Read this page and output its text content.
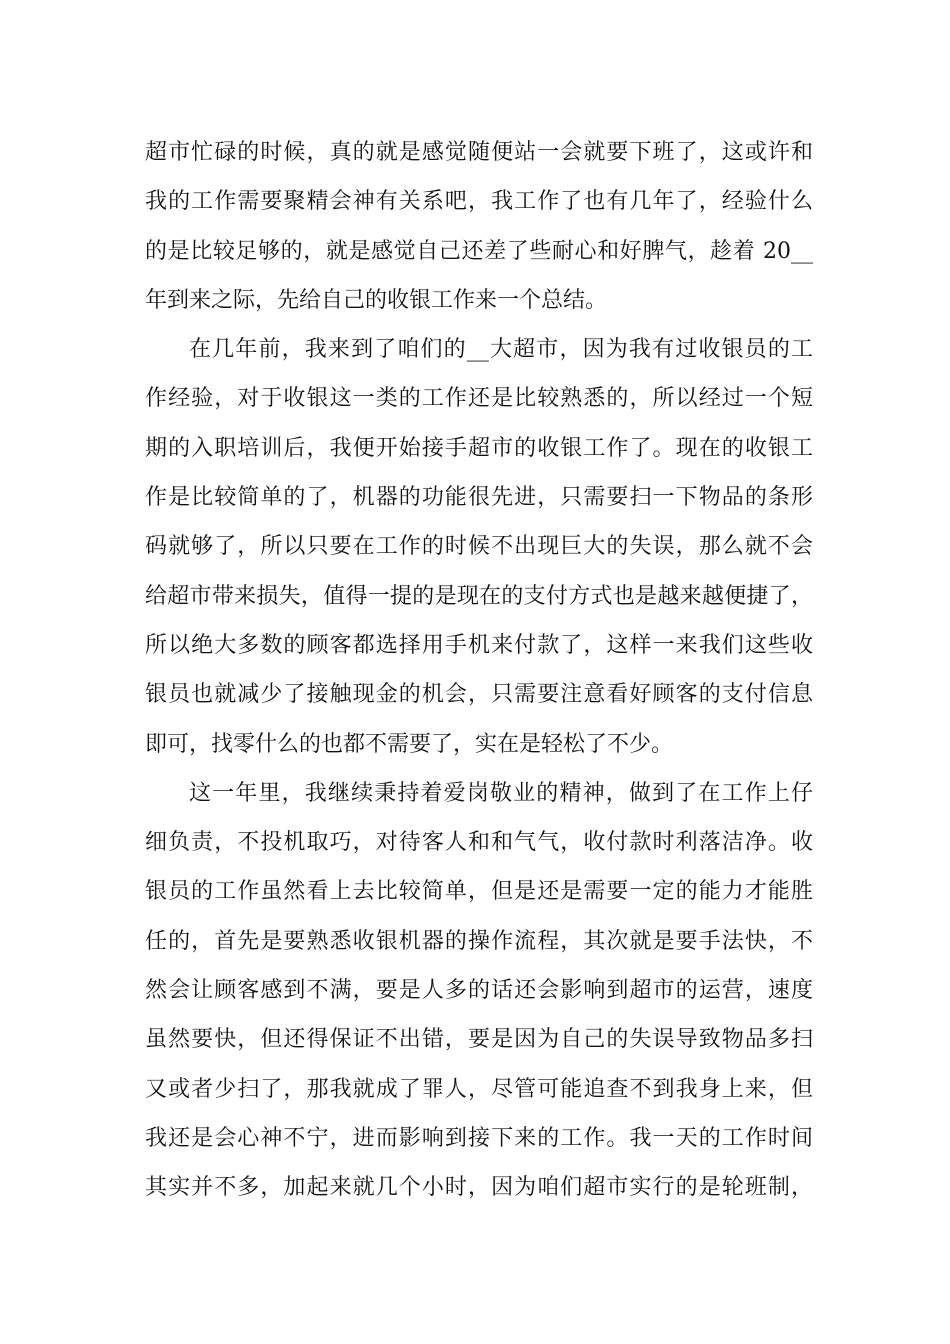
超市忙碌的时候，真的就是感觉随便站一会就要下班了，这或许和
我的工作需要聚精会神有关系吧，我工作了也有几年了，经验什么
的是比较足够的，就是感觉自己还差了些耐心和好脾气，趁着 20__
年到来之际，先给自己的收银工作来一个总结。

在几年前，我来到了咱们的__大超市，因为我有过收银员的工
作经验，对于收银这一类的工作还是比较熟悉的，所以经过一个短
期的入职培训后，我便开始接手超市的收银工作了。现在的收银工
作是比较简单的了，机器的功能很先进，只需要扫一下物品的条形
码就够了，所以只要在工作的时候不出现巨大的失误，那么就不会
给超市带来损失，值得一提的是现在的支付方式也是越来越便捷了，
所以绝大多数的顾客都选择用手机来付款了，这样一来我们这些收
银员也就减少了接触现金的机会，只需要注意看好顾客的支付信息
即可，找零什么的也都不需要了，实在是轻松了不少。

这一年里，我继续秉持着爱岗敬业的精神，做到了在工作上仔
细负责，不投机取巧，对待客人和和气气，收付款时利落洁净。收
银员的工作虽然看上去比较简单，但是还是需要一定的能力才能胜
任的，首先是要熟悉收银机器的操作流程，其次就是要手法快，不
然会让顾客感到不满，要是人多的话还会影响到超市的运营，速度
虽然要快，但还得保证不出错，要是因为自己的失误导致物品多扫
又或者少扫了，那我就成了罪人，尽管可能追查不到我身上来，但
我还是会心神不宁，进而影响到接下来的工作。我一天的工作时间
其实并不多，加起来就几个小时，因为咱们超市实行的是轮班制，
